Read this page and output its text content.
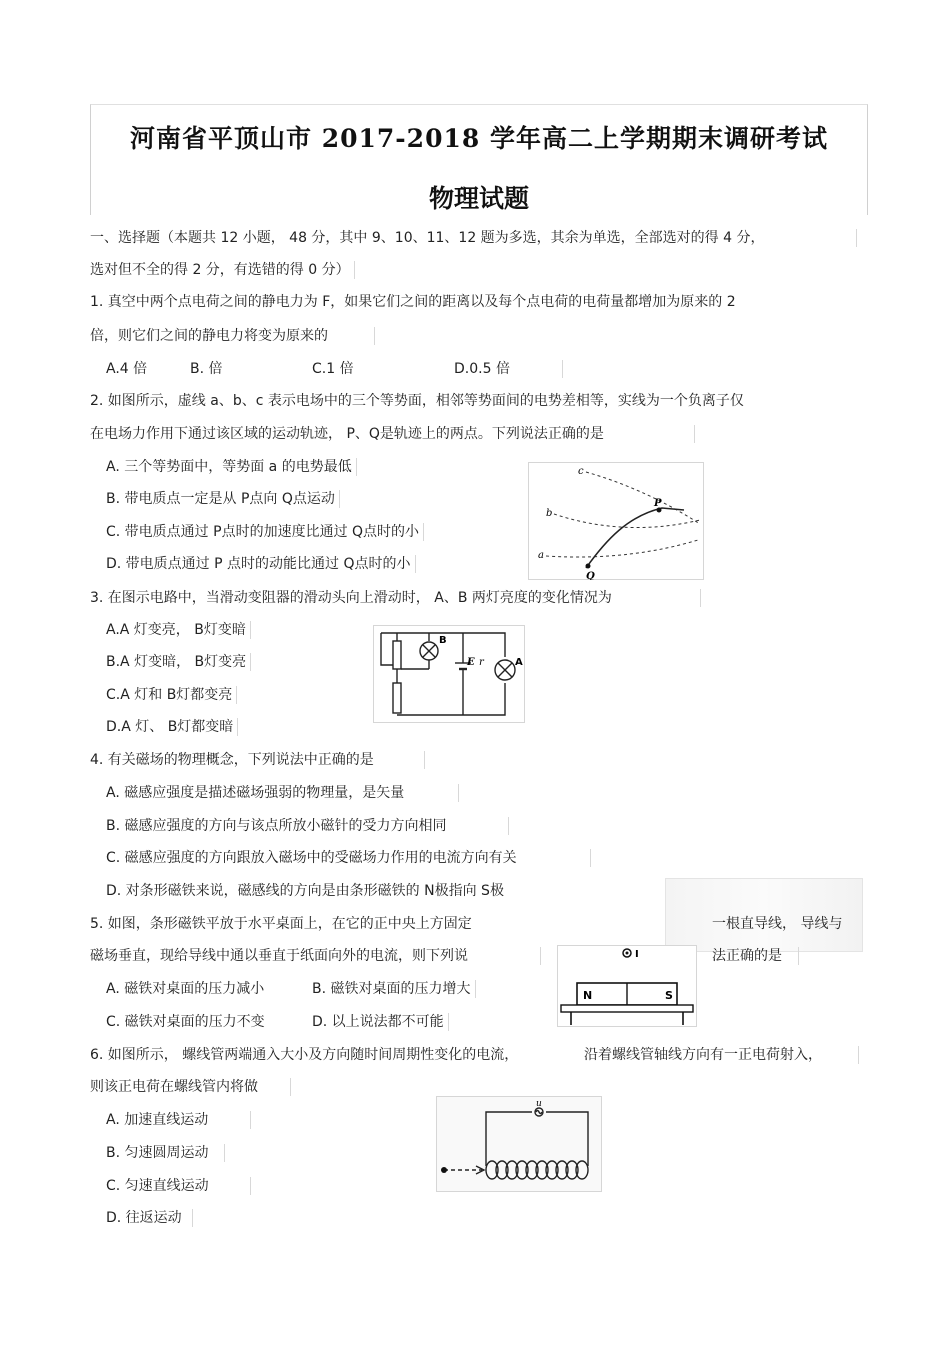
河南省平顶山市 2017-2018 学年高二上学期期末调研考试
物理试题
一、选择题（本题共 12 小题， 48 分，其中 9、10、11、12 题为多选，其余为单选，全部选对的得 4 分，
选对但不全的得 2 分，有选错的得 0 分）
1. 真空中两个点电荷之间的静电力为 F，如果它们之间的距离以及每个点电荷的电荷量都增加为原来的 2
倍，则它们之间的静电力将变为原来的
A.4 倍	B. 倍	C.1 倍	D.0.5 倍
2. 如图所示，虚线 a、b、c 表示电场中的三个等势面，相邻等势面间的电势差相等，实线为一个负离子仅
在电场力作用下通过该区域的运动轨迹， P、Q是轨迹上的两点。下列说法正确的是
A. 三个等势面中，等势面 a 的电势最低
B. 带电质点一定是从 P点向 Q点运动
C. 带电质点通过 P点时的加速度比通过 Q点时的小
D. 带电质点通过 P 点时的动能比通过 Q点时的小
c
b
a
P
Q
3. 在图示电路中，当滑动变阻器的滑动头向上滑动时， A、B 两灯亮度的变化情况为
A.A 灯变亮， B灯变暗
B.A 灯变暗， B灯变亮
C.A 灯和 B灯都变亮
D.A 灯、 B灯都变暗
B
E r	A
4. 有关磁场的物理概念，下列说法中正确的是
A. 磁感应强度是描述磁场强弱的物理量，是矢量
B. 磁感应强度的方向与该点所放小磁针的受力方向相同
C. 磁感应强度的方向跟放入磁场中的受磁场力作用的电流方向有关
D. 对条形磁铁来说，磁感线的方向是由条形磁铁的 N极指向 S极
5. 如图，条形磁铁平放于水平桌面上，在它的正中央上方固定	一根直导线， 导线与
磁场垂直，现给导线中通以垂直于纸面向外的电流，则下列说	法正确的是
A. 磁铁对桌面的压力减小	B. 磁铁对桌面的压力增大
C. 磁铁对桌面的压力不变	D. 以上说法都不可能
I
N	S
6. 如图所示， 螺线管两端通入大小及方向随时间周期性变化的电流，	沿着螺线管轴线方向有一正电荷射入，
则该正电荷在螺线管内将做
A. 加速直线运动
B. 匀速圆周运动
C. 匀速直线运动
D. 往返运动
u
